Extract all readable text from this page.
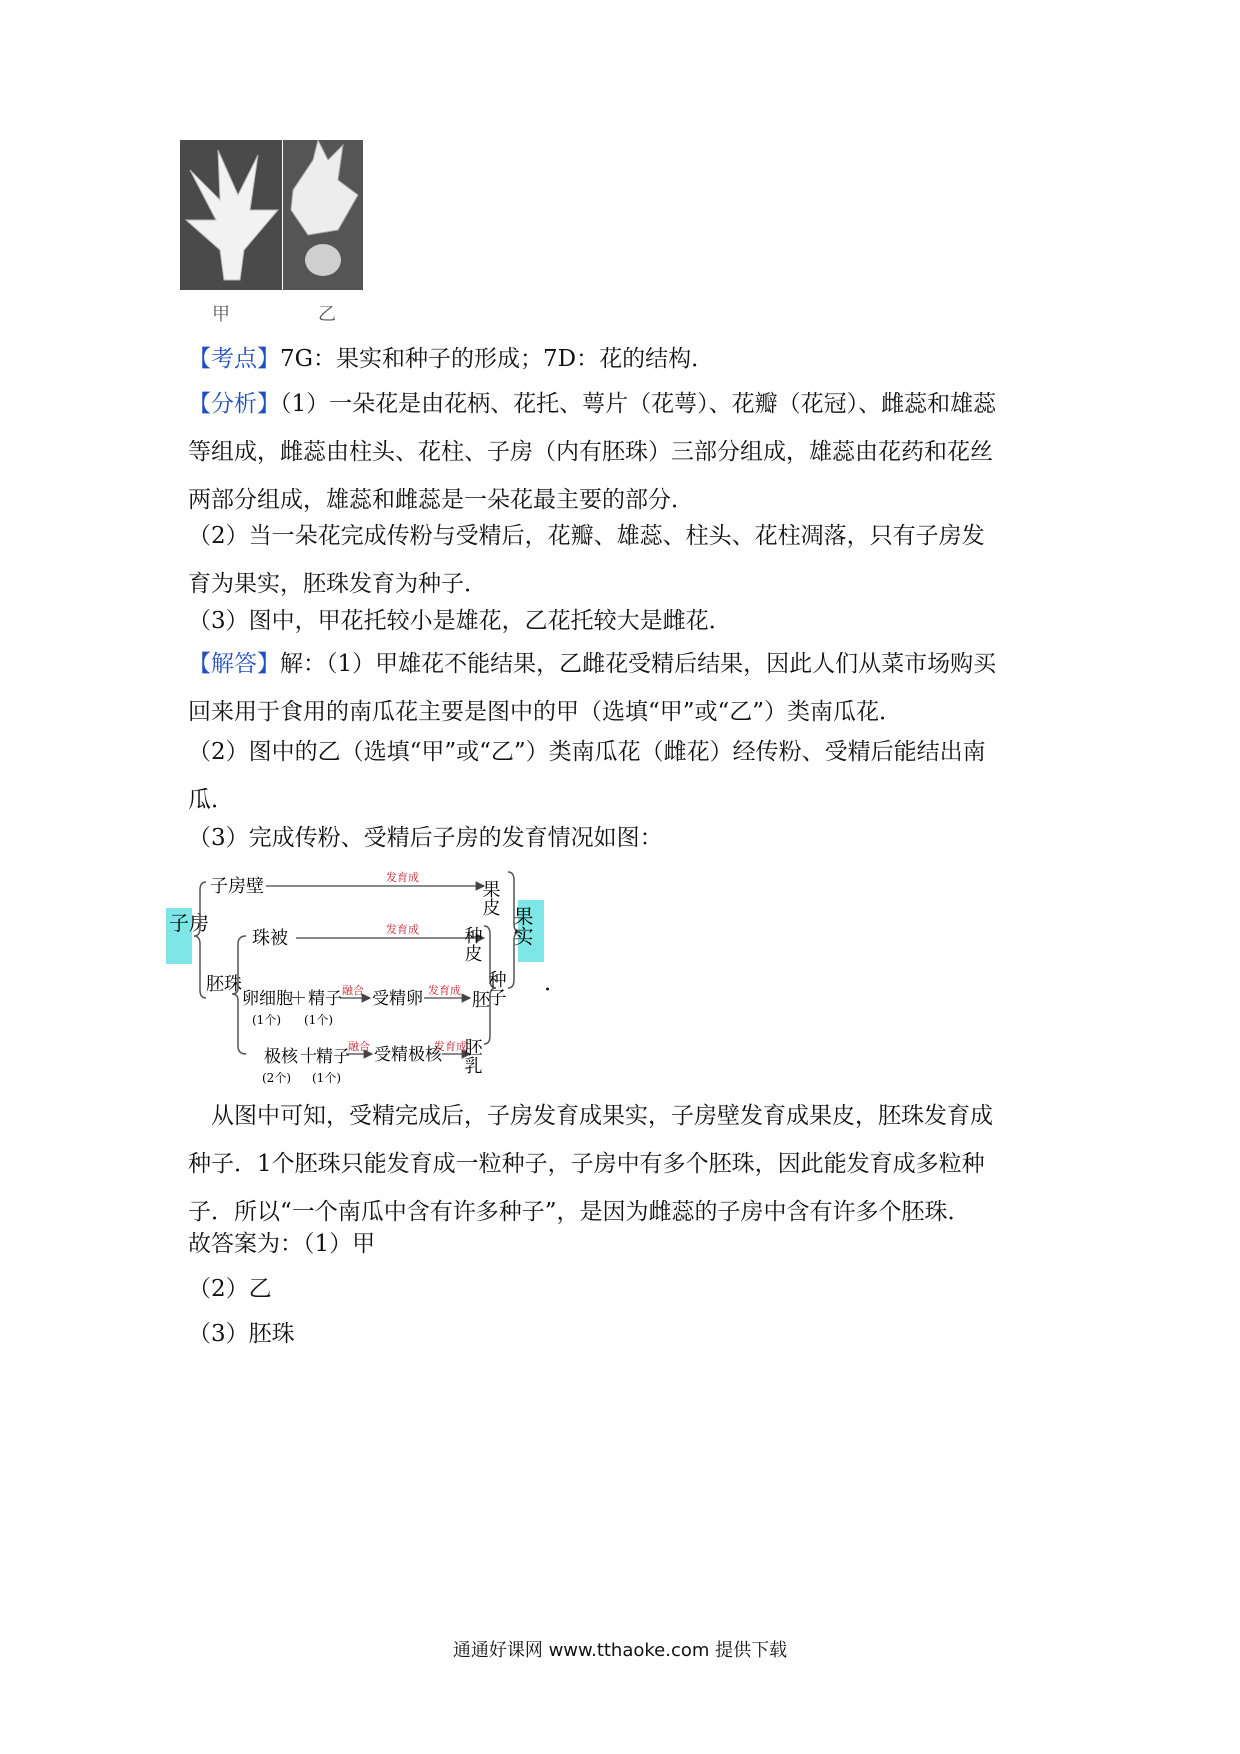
甲	乙
【考点】7G：果实和种子的形成；7D：花的结构．
【分析】（1）一朵花是由花柄、花托、萼片（花萼）、花瓣（花冠）、雌蕊和雄蕊
等组成，雌蕊由柱头、花柱、子房（内有胚珠）三部分组成，雄蕊由花药和花丝
两部分组成，雄蕊和雌蕊是一朵花最主要的部分．
（2）当一朵花完成传粉与受精后，花瓣、雄蕊、柱头、花柱凋落，只有子房发
育为果实，胚珠发育为种子．
（3）图中，甲花托较小是雄花，乙花托较大是雌花．
【解答】解：（1）甲雄花不能结果，乙雌花受精后结果，因此人们从菜市场购买
回来用于食用的南瓜花主要是图中的甲（选填“甲”或“乙”）类南瓜花．
（2）图中的乙（选填“甲”或“乙”）类南瓜花（雌花）经传粉、受精后能结出南
瓜．
（3）完成传粉、受精后子房的发育情况如图：
子房
子房壁	发育成
胚珠
珠被	发育成
卵细胞
＋ 精子
(1个) (1个)
融合 受精卵 发育成
极核 十 精子
(2个) (1个)
融合 受精极核
发育成
果皮
种皮
胚
胚乳
种子
果实
．
从图中可知，受精完成后，子房发育成果实，子房壁发育成果皮，胚珠发育成
种子．1个胚珠只能发育成一粒种子，子房中有多个胚珠，因此能发育成多粒种
子．所以“一个南瓜中含有许多种子”，是因为雌蕊的子房中含有许多个胚珠．
故答案为：（1）甲
（2）乙
（3）胚珠
通通好课网 www.tthaoke.com 提供下载
